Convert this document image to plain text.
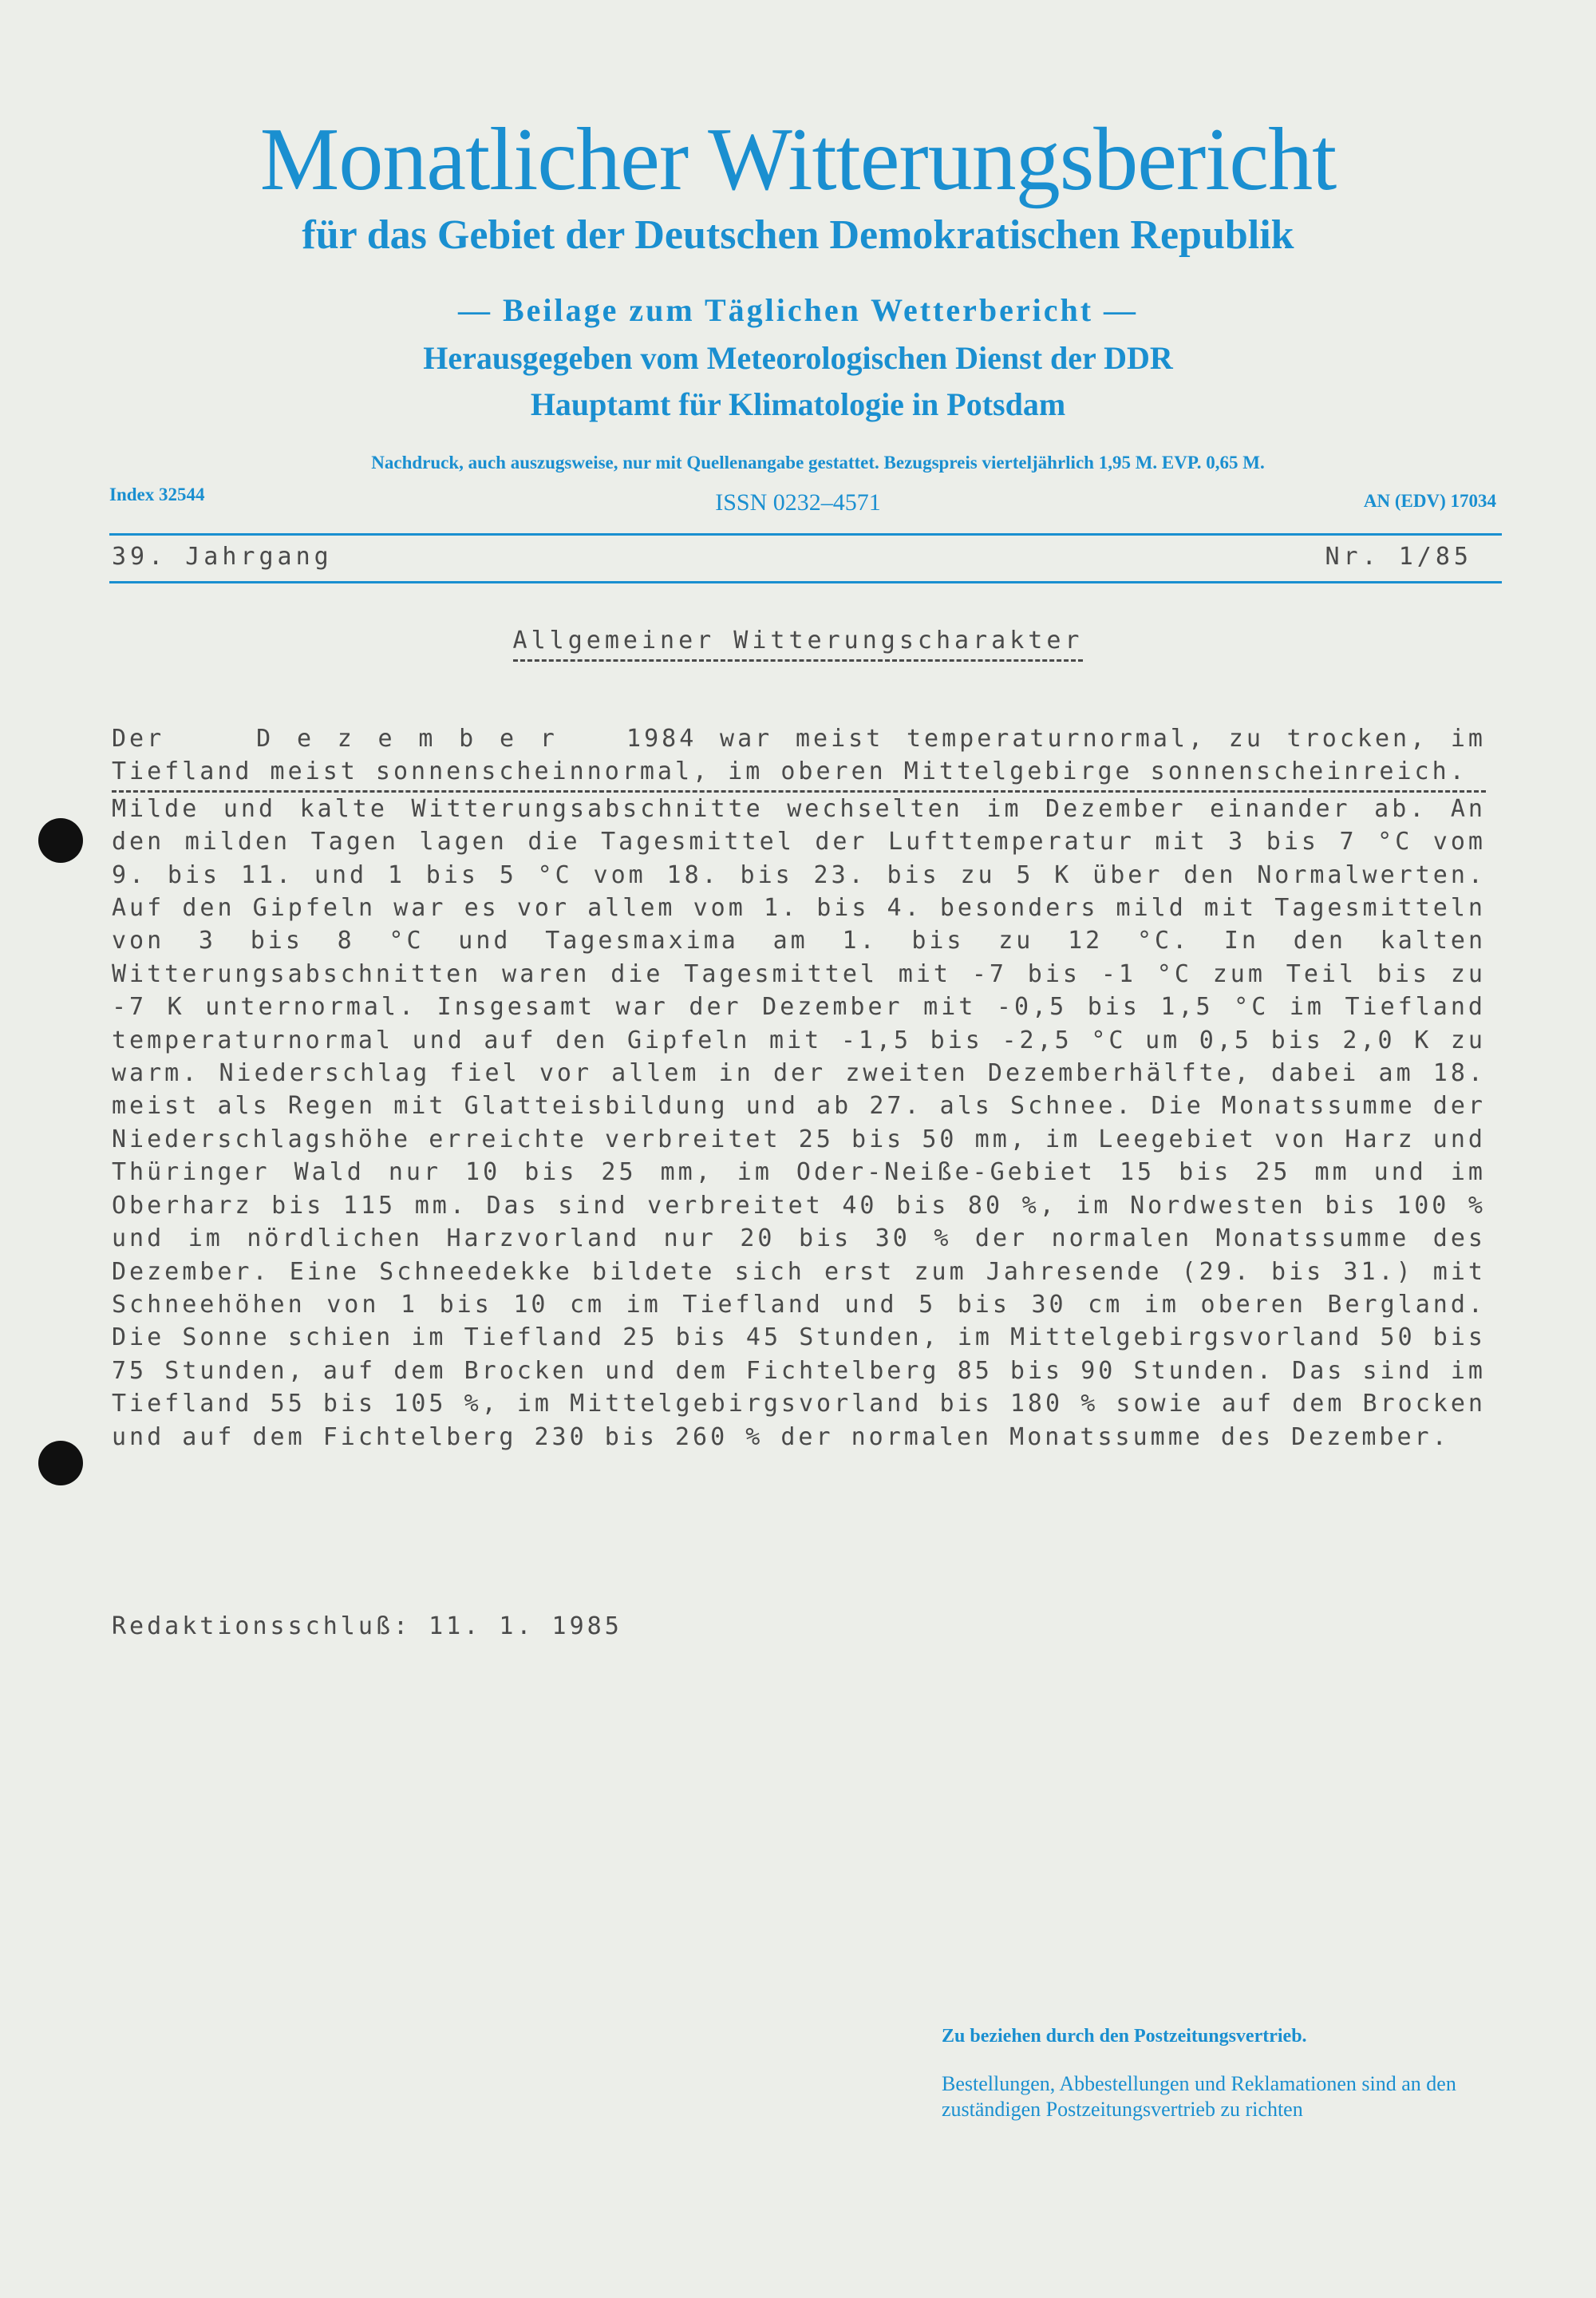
Monatlicher Witterungsbericht
für das Gebiet der Deutschen Demokratischen Republik
— Beilage zum Täglichen Wetterbericht —
Herausgegeben vom Meteorologischen Dienst der DDR
Hauptamt für Klimatologie in Potsdam
Nachdruck, auch auszugsweise, nur mit Quellenangabe gestattet. Bezugspreis vierteljährlich 1,95 M. EVP. 0,65 M.
Index 32544	ISSN 0232–4571	AN (EDV) 17034
39. Jahrgang	Nr. 1/85
Allgemeiner Witterungscharakter

Der    D e z e m b e r   1984 war meist temperaturnormal, zu trocken, im Tiefland meist sonnenscheinnormal, im oberen Mittelgebirge sonnenscheinreich.

Milde und kalte Witterungsabschnitte wechselten im Dezember einander ab. An den milden Tagen lagen die Tagesmittel der Lufttemperatur mit 3 bis 7 °C vom 9. bis 11. und 1 bis 5 °C vom 18. bis 23. bis zu 5 K über den Normalwerten. Auf den Gipfeln war es vor allem vom 1. bis 4. besonders mild mit Tagesmitteln von 3 bis 8 °C und Tagesmaxima am 1. bis zu 12 °C. In den kalten Witterungsabschnitten waren die Tagesmittel mit -7 bis -1 °C zum Teil bis zu -7 K unternormal. Insgesamt war der Dezember mit -0,5 bis 1,5 °C im Tiefland temperaturnormal und auf den Gipfeln mit -1,5 bis -2,5 °C um 0,5 bis 2,0 K zu warm. Niederschlag fiel vor allem in der zweiten Dezemberhälfte, dabei am 18. meist als Regen mit Glatteisbildung und ab 27. als Schnee. Die Monatssumme der Niederschlagshöhe erreichte verbreitet 25 bis 50 mm, im Leegebiet von Harz und Thüringer Wald nur 10 bis 25 mm, im Oder-Neiße-Gebiet 15 bis 25 mm und im Oberharz bis 115 mm. Das sind verbreitet 40 bis 80 %, im Nordwesten bis 100 % und im nördlichen Harzvorland nur 20 bis 30 % der normalen Monatssumme des Dezember. Eine Schneedekke bildete sich erst zum Jahresende (29. bis 31.) mit Schneehöhen von 1 bis 10 cm im Tiefland und 5 bis 30 cm im oberen Bergland. Die Sonne schien im Tiefland 25 bis 45 Stunden, im Mittelgebirgsvorland 50 bis 75 Stunden, auf dem Brocken und dem Fichtelberg 85 bis 90 Stunden. Das sind im Tiefland 55 bis 105 %, im Mittelgebirgsvorland bis 180 % sowie auf dem Brocken und auf dem Fichtelberg 230 bis 260 % der normalen Monatssumme des Dezember.

Redaktionsschluß: 11. 1. 1985
Zu beziehen durch den Postzeitungsvertrieb.
Bestellungen, Abbestellungen und Reklamationen sind an den zuständigen Postzeitungsvertrieb zu richten
